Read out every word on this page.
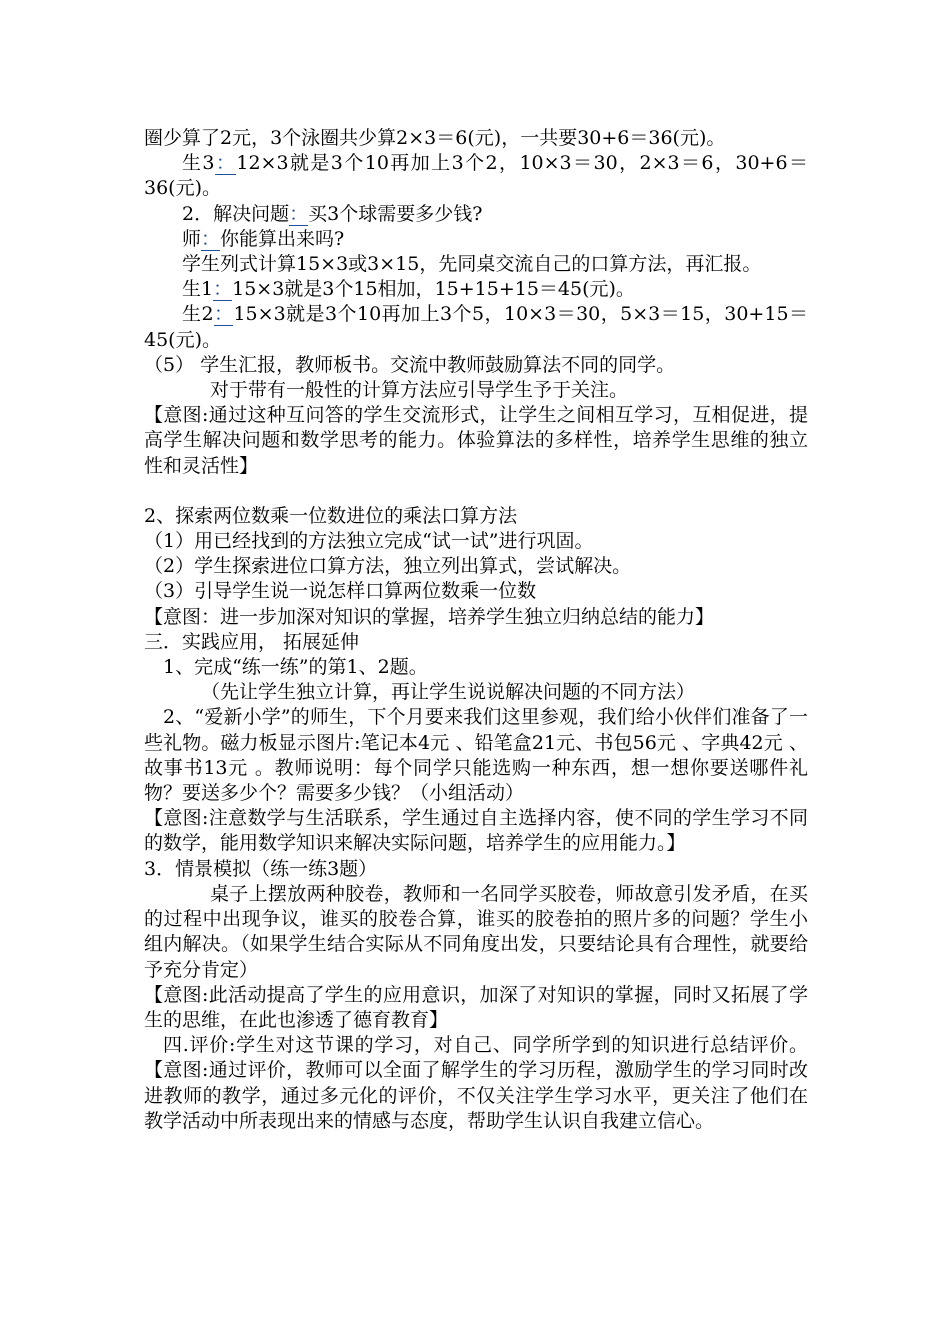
圈少算了2元，3个泳圈共少算2×3＝6(元)，一共要30+6＝36(元)。

生3：12×3就是3个10再加上3个2，10×3＝30，2×3＝6，30+6＝36(元)。

2．解决问题：买3个球需要多少钱?

师：你能算出来吗?

学生列式计算15×3或3×15，先同桌交流自己的口算方法，再汇报。

生1：15×3就是3个15相加，15+15+15＝45(元)。

生2：15×3就是3个10再加上3个5，10×3＝30，5×3＝15，30+15＝45(元)。

（5） 学生汇报，教师板书。交流中教师鼓励算法不同的同学。

对于带有一般性的计算方法应引导学生予于关注。

【意图:通过这种互问答的学生交流形式，让学生之间相互学习，互相促进，提高学生解决问题和数学思考的能力。体验算法的多样性，培养学生思维的独立性和灵活性】

2、探索两位数乘一位数进位的乘法口算方法

（1）用已经找到的方法独立完成“试一试”进行巩固。

（2）学生探索进位口算方法，独立列出算式，尝试解决。

（3）引导学生说一说怎样口算两位数乘一位数

【意图：进一步加深对知识的掌握，培养学生独立归纳总结的能力】

三．实践应用， 拓展延伸

1、完成“练一练”的第1、2题。

（先让学生独立计算，再让学生说说解决问题的不同方法）

2、“爱新小学”的师生，下个月要来我们这里参观，我们给小伙伴们准备了一些礼物。磁力板显示图片:笔记本4元 、铅笔盒21元、书包56元 、字典42元 、故事书13元 。教师说明：每个同学只能选购一种东西，想一想你要送哪件礼物？要送多少个？需要多少钱？（小组活动）

【意图:注意数学与生活联系，学生通过自主选择内容，使不同的学生学习不同的数学，能用数学知识来解决实际问题，培养学生的应用能力。】

3．情景模拟（练一练3题）

桌子上摆放两种胶卷，教师和一名同学买胶卷，师故意引发矛盾，在买的过程中出现争议，谁买的胶卷合算，谁买的胶卷拍的照片多的问题？学生小组内解决。（如果学生结合实际从不同角度出发，只要结论具有合理性，就要给予充分肯定）

【意图:此活动提高了学生的应用意识，加深了对知识的掌握，同时又拓展了学生的思维，在此也渗透了德育教育】

四.评价:学生对这节课的学习，对自己、同学所学到的知识进行总结评价。【意图:通过评价，教师可以全面了解学生的学习历程，激励学生的学习同时改进教师的教学，通过多元化的评价，不仅关注学生学习水平，更关注了他们在教学活动中所表现出来的情感与态度，帮助学生认识自我建立信心。
